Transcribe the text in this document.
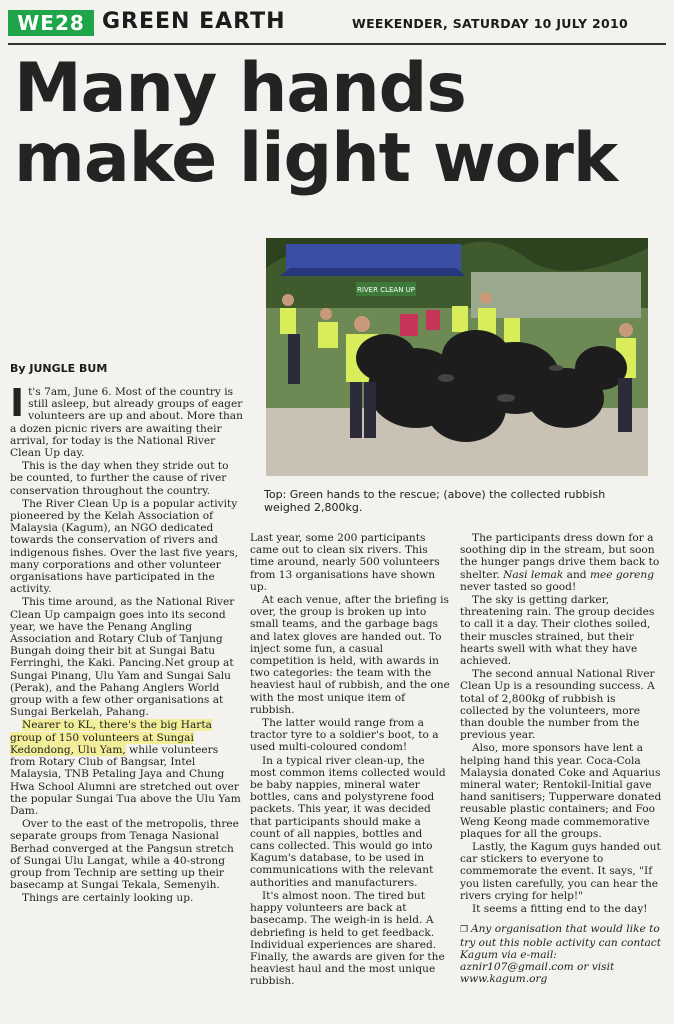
WE28 GREEN EARTH	WEEKENDER, SATURDAY 10 JULY 2010
Many hands make light work
RIVER CLEAN UP
Top: Green hands to the rescue; (above) the collected rubbish weighed 2,800kg.
By JUNGLE BUM

It's 7am, June 6. Most of the country is still asleep, but already groups of eager volunteers are up and about. More than a dozen picnic rivers are awaiting their arrival, for today is the National River Clean Up day.

This is the day when they stride out to be counted, to further the cause of river conservation throughout the country.

The River Clean Up is a popular activity pioneered by the Kelah Association of Malaysia (Kagum), an NGO dedicated towards the conservation of rivers and indigenous fishes. Over the last five years, many corporations and other volunteer organisations have participated in the activity.

This time around, as the National River Clean Up campaign goes into its second year, we have the Penang Angling Association and Rotary Club of Tanjung Bungah doing their bit at Sungai Batu Ferringhi, the Kaki. Pancing.Net group at Sungai Pinang, Ulu Yam and Sungai Salu (Perak), and the Pahang Anglers World group with a few other organisations at Sungai Berkelah, Pahang.

Nearer to KL, there's the big Harta group of 150 volunteers at Sungai Kedondong, Ulu Yam, while volunteers from Rotary Club of Bangsar, Intel Malaysia, TNB Petaling Jaya and Chung Hwa School Alumni are stretched out over the popular Sungai Tua above the Ulu Yam Dam.

Over to the east of the metropolis, three separate groups from Tenaga Nasional Berhad converged at the Pangsun stretch of Sungai Ulu Langat, while a 40-strong group from Technip are setting up their basecamp at Sungai Tekala, Semenyih.

Things are certainly looking up.

Last year, some 200 participants came out to clean six rivers. This time around, nearly 500 volunteers from 13 organisations have shown up.

At each venue, after the briefing is over, the group is broken up into small teams, and the garbage bags and latex gloves are handed out. To inject some fun, a casual competition is held, with awards in two categories: the team with the heaviest haul of rubbish, and the one with the most unique item of rubbish.

The latter would range from a tractor tyre to a soldier's boot, to a used multi-coloured condom!

In a typical river clean-up, the most common items collected would be baby nappies, mineral water bottles, cans and polystyrene food packets. This year, it was decided that participants should make a count of all nappies, bottles and cans collected. This would go into Kagum's database, to be used in communications with the relevant authorities and manufacturers.

It's almost noon. The tired but happy volunteers are back at basecamp. The weigh-in is held. A debriefing is held to get feedback. Individual experiences are shared. Finally, the awards are given for the heaviest haul and the most unique rubbish.

The participants dress down for a soothing dip in the stream, but soon the hunger pangs drive them back to shelter. Nasi lemak and mee goreng never tasted so good!

The sky is getting darker, threatening rain. The group decides to call it a day. Their clothes soiled, their muscles strained, but their hearts swell with what they have achieved.

The second annual National River Clean Up is a resounding success. A total of 2,800kg of rubbish is collected by the volunteers, more than double the number from the previous year.

Also, more sponsors have lent a helping hand this year. Coca-Cola Malaysia donated Coke and Aquarius mineral water; Rentokil-Initial gave hand sanitisers; Tupperware donated reusable plastic containers; and Foo Weng Keong made commemorative plaques for all the groups.

Lastly, the Kagum guys handed out car stickers to everyone to commemorate the event. It says, "If you listen carefully, you can hear the rivers crying for help!"

It seems a fitting end to the day!

❐ Any organisation that would like to try out this noble activity can contact Kagum via e-mail: aznir107@gmail.com or visit www.kagum.org
